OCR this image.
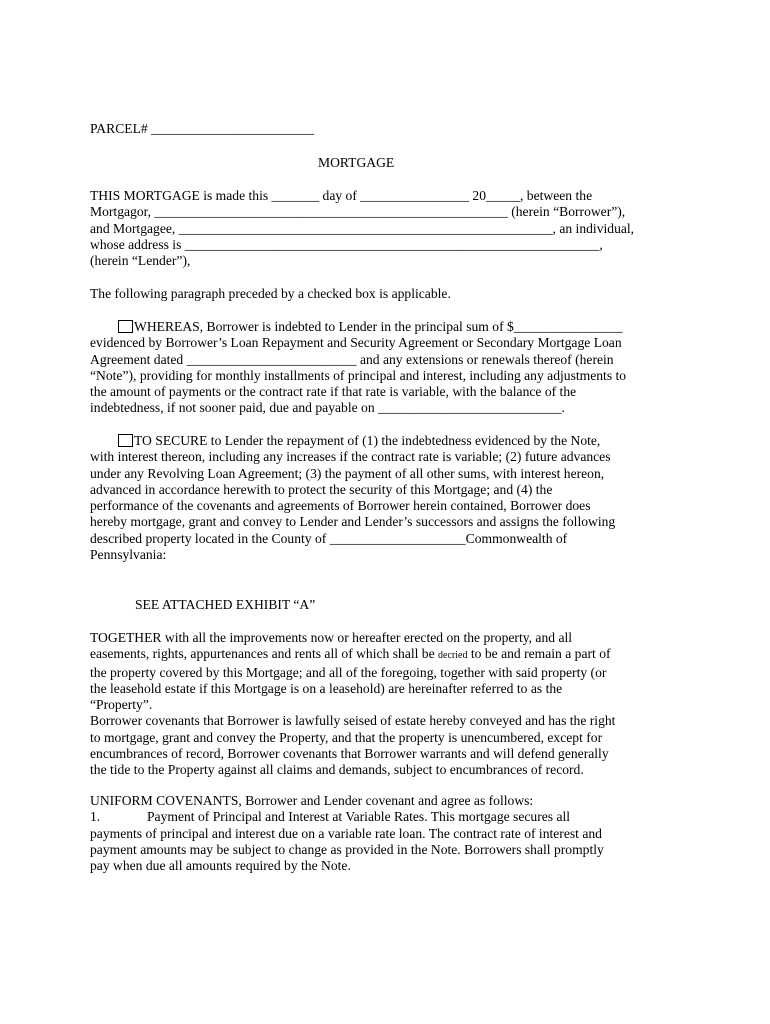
PARCEL# ________________________

MORTGAGE

THIS MORTGAGE is made this _______ day of ________________ 20_____, between the
Mortgagor, ____________________________________________________ (herein “Borrower”),
and Mortgagee, _______________________________________________________, an individual,
whose address is _____________________________________________________________,
(herein “Lender”),

The following paragraph preceded by a checked box is applicable.

WHEREAS, Borrower is indebted to Lender in the principal sum of $________________
evidenced by Borrower’s Loan Repayment and Security Agreement or Secondary Mortgage Loan
Agreement dated _________________________ and any extensions or renewals thereof (herein
“Note”), providing for monthly installments of principal and interest, including any adjustments to
the amount of payments or the contract rate if that rate is variable, with the balance of the
indebtedness, if not sooner paid, due and payable on ___________________________.
TO SECURE to Lender the repayment of (1) the indebtedness evidenced by the Note,
with interest thereon, including any increases if the contract rate is variable; (2) future advances
under any Revolving Loan Agreement; (3) the payment of all other sums, with interest hereon,
advanced in accordance herewith to protect the security of this Mortgage; and (4) the
performance of the covenants and agreements of Borrower herein contained, Borrower does
hereby mortgage, grant and convey to Lender and Lender’s successors and assigns the following
described property located in the County of ____________________Commonwealth of
Pennsylvania:

SEE ATTACHED EXHIBIT “A”

TOGETHER with all the improvements now or hereafter erected on the property, and all
easements, rights, appurtenances and rents all of which shall be decried to be and remain a part of
the property covered by this Mortgage; and all of the foregoing, together with said property (or
the leasehold estate if this Mortgage is on a leasehold) are hereinafter referred to as the
“Property”.
Borrower covenants that Borrower is lawfully seised of estate hereby conveyed and has the right
to mortgage, grant and convey the Property, and that the property is unencumbered, except for
encumbrances of record, Borrower covenants that Borrower warrants and will defend generally
the tide to the Property against all claims and demands, subject to encumbrances of record.
UNIFORM COVENANTS, Borrower and Lender covenant and agree as follows:
1.	Payment of Principal and Interest at Variable Rates. This mortgage secures all
payments of principal and interest due on a variable rate loan. The contract rate of interest and
payment amounts may be subject to change as provided in the Note. Borrowers shall promptly
pay when due all amounts required by the Note.
